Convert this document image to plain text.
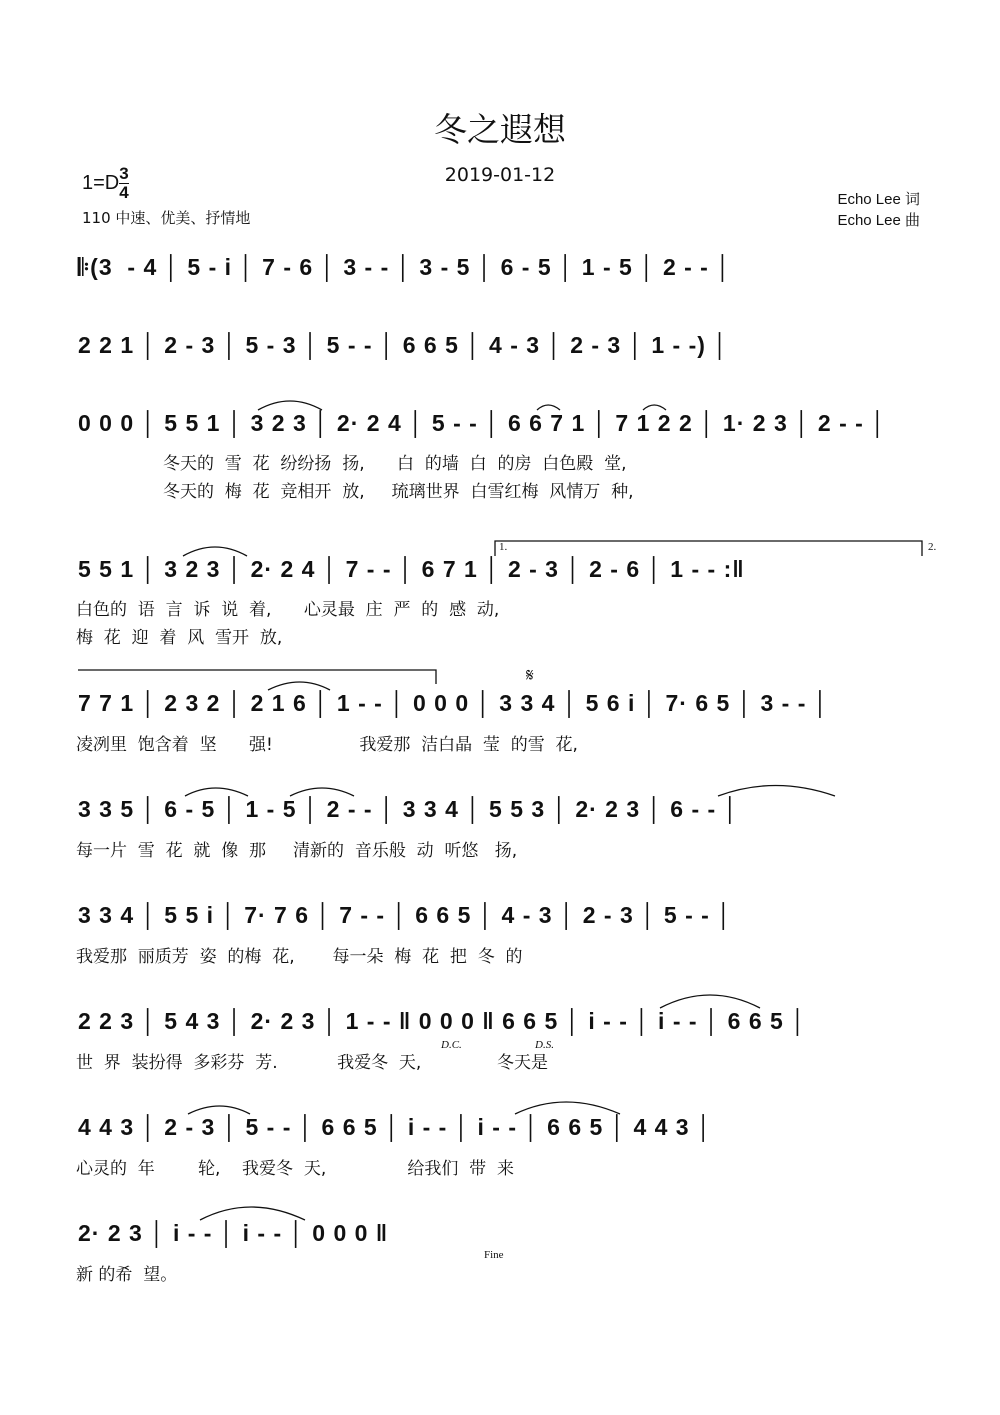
冬之遐想
2019-01-12
$1=D \frac{3}{4}$
110 中速、优美、抒情地
Echo Lee 词
Echo Lee 曲
𝄆(3  - 4 │ 5 - i │ 7 - 6 │ 3 - - │ 3 - 5 │ 6 - 5 │ 1 - 5 │ 2 - - │
2 2 1 │ 2 - 3 │ 5 - 3 │ 5 - - │ 6 6 5 │ 4 - 3 │ 2 - 3 │ 1 - -) │
0 0 0 │ 5 5 1 │ 3 2 3 │ 2· 2 4 │ 5 - - │ 6 6 7 1 │ 7 1 2 2 │ 1· 2 3 │ 2 - - │
冬天的  雪  花  纷纷扬  扬,      白  的墙  白  的房  白色殿  堂,
冬天的  梅  花  竞相开  放,     琉璃世界  白雪红梅  风情万  种,
5 5 1 │ 3 2 3 │ 2· 2 4 │ 7 - - │ 6 7 1 │ 2 - 3 │ 2 - 6 │ 1 - - :‖
白色的  语  言  诉  说  着,      心灵最  庄  严  的  感  动,
梅  花  迎  着  风  雪开  放,
1.	2.
7 7 1 │ 2 3 2 │ 2 1 6 │ 1 - - │ 0 0 0 │ 3 3 4 │ 5 6 i │ 7· 6 5 │ 3 - - │
凌冽里  饱含着  坚      强!                我爱那  洁白晶  莹  的雪  花,
𝄋
3 3 5 │ 6 - 5 │ 1 - 5 │ 2 - - │ 3 3 4 │ 5 5 3 │ 2· 2 3 │ 6 - - │
每一片  雪  花  就  像  那     清新的  音乐般  动  听悠   扬,
3 3 4 │ 5 5 i │ 7· 7 6 │ 7 - - │ 6 6 5 │ 4 - 3 │ 2 - 3 │ 5 - - │
我爱那  丽质芳  姿  的梅  花,       每一朵  梅  花  把  冬  的
2 2 3 │ 5 4 3 │ 2· 2 3 │ 1 - - ‖ 0 0 0 ‖ 6 6 5 │ i - - │ i - - │ 6 6 5 │
世  界  装扮得  多彩芬  芳.           我爱冬  天,              冬天是
D.C.	D.S.
4 4 3 │ 2 - 3 │ 5 - - │ 6 6 5 │ i - - │ i - - │ 6 6 5 │ 4 4 3 │
心灵的  年        轮,    我爱冬  天,               给我们  带  来
2· 2 3 │ i - - │ i - - │ 0 0 0 ‖
新 的希  望。
Fine
